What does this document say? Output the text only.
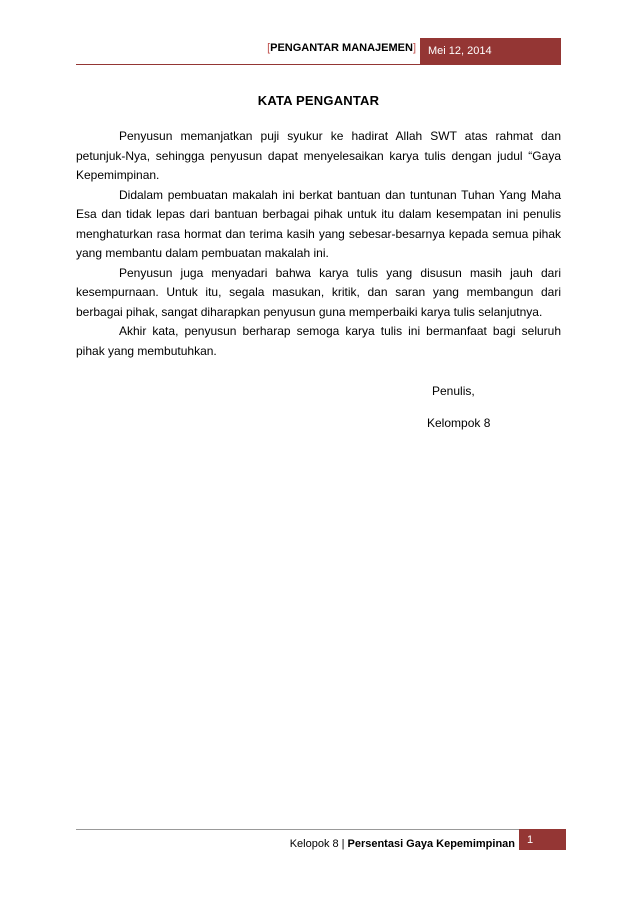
[PENGANTAR MANAJEMEN] Mei 12, 2014
KATA PENGANTAR

Penyusun memanjatkan puji syukur ke hadirat Allah SWT atas rahmat dan petunjuk-Nya, sehingga penyusun dapat menyelesaikan karya tulis dengan judul “Gaya Kepemimpinan.

Didalam pembuatan makalah ini berkat bantuan dan tuntunan Tuhan Yang Maha Esa dan tidak lepas dari bantuan berbagai pihak untuk itu dalam kesempatan ini penulis menghaturkan rasa hormat dan terima kasih yang sebesar-besarnya kepada semua pihak yang membantu dalam pembuatan makalah ini.

Penyusun juga menyadari bahwa karya tulis yang disusun masih jauh dari kesempurnaan. Untuk itu, segala masukan, kritik, dan saran yang membangun dari berbagai pihak, sangat diharapkan penyusun guna memperbaiki karya tulis selanjutnya.

Akhir kata, penyusun berharap semoga karya tulis ini bermanfaat bagi seluruh pihak yang membutuhkan.

Penulis,
Kelompok 8
Kelopok 8 | Persentasi Gaya Kepemimpinan 1
